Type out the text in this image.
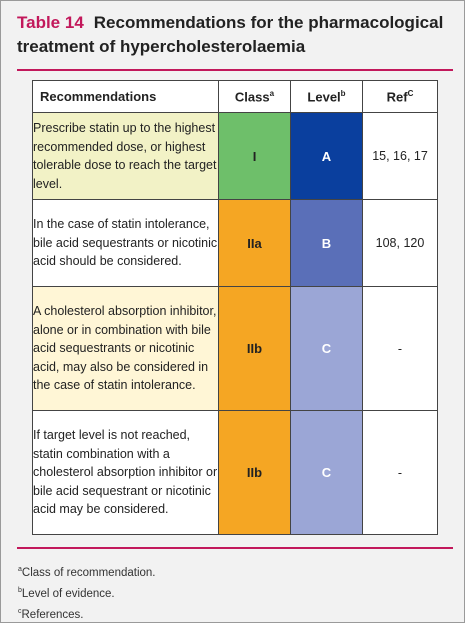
Table 14 Recommendations for the pharmacological treatment of hypercholesterolaemia
Recommendations	Class$^a$	Level$^b$	Ref$^C$
Prescribe statin up to the highest recommended dose, or highest tolerable dose to reach the target level.	I	A	15, 16, 17
In the case of statin intolerance, bile acid sequestrants or nicotinic acid should be considered.	IIa	B	108, 120
A cholesterol absorption inhibitor, alone or in combination with bile acid sequestrants or nicotinic acid, may also be considered in the case of statin intolerance.	IIb	C	-
If target level is not reached, statin combination with a cholesterol absorption inhibitor or bile acid sequestrant or nicotinic acid may be considered.	IIb	C	-
$^a$Class of recommendation.
$^b$Level of evidence.
$^c$References.
